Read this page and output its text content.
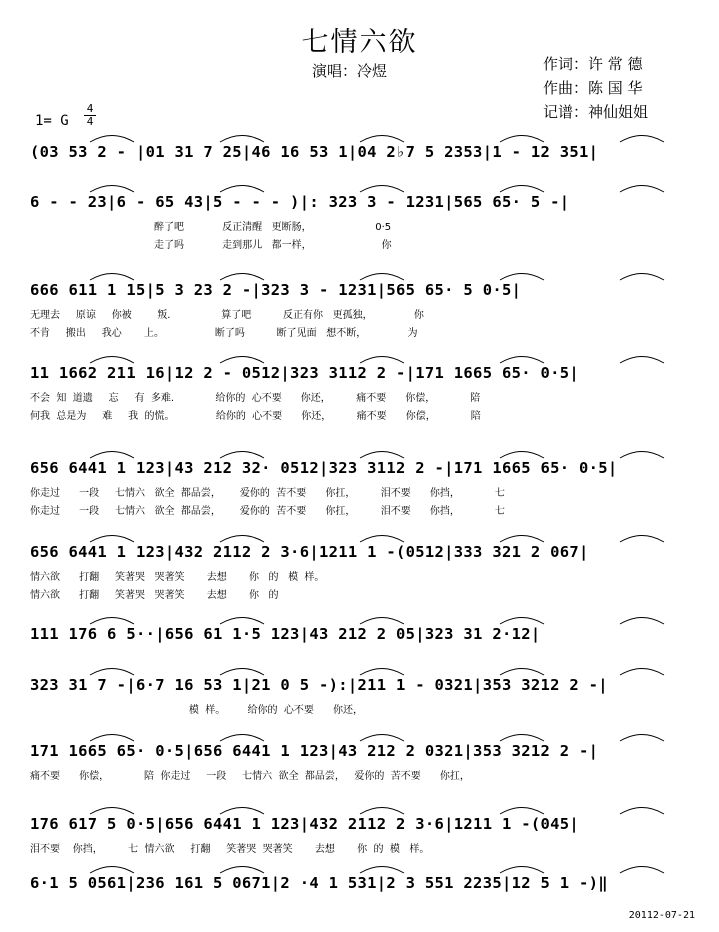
七情六欲
演唱：冷煜	作词：许 常 德
作曲：陈 国 华
记谱：神仙姐姐
1= G
4
4
(03 53 2 - |01 31 7 25|46 16 53 1|04 2♭7 5 2353|1 - 12 351|
6 - - 23|6 - 65 43|5 - - - )|: 323 3 - 1231|565 65· 5 -|
醉了吧            反正清醒   更断肠，                    0·5
走了吗            走到那儿   都一样，                      你
666 611 1 15|5 3 23 2 -|323 3 - 1231|565 65· 5 0·5|
无理去     原谅     你被        叛.                算了吧          反正有你   更孤独，             你
不肯     搬出     我心       上。                断了吗          断了见面   想不断，             为
11 1662 211 16|12 2 - 0512|323 3112 2 -|171 1665 65· 0·5|
不会  知  道遗     忘     有  多难.             给你的  心不要      你还，        痛不要      你偿，           陪
何我  总是为     难     我  的慌。             给你的  心不要      你还，        痛不要      你偿，           陪
656 6441 1 123|43 212 32· 0512|323 3112 2 -|171 1665 65· 0·5|
你走过      一段     七情六   欲全  都品尝，      爱你的  苦不要      你扛，        泪不要      你挡，           七
你走过      一段     七情六   欲全  都品尝，      爱你的  苦不要      你扛，        泪不要      你挡，           七
656 6441 1 123|432 2112 2 3·6|1211 1 -(0512|333 321 2 067|
情六欲      打翻     笑著哭   哭著笑       去想       你   的   模  样。
情六欲      打翻     笑著哭   哭著笑       去想       你   的
111 176 6 5··|656 61 1·5 123|43 212 2 05|323 31 2·12|
323 31 7 -|6·7 16 53 1|21 0 5 -):|211 1 - 0321|353 3212 2 -|
模  样。       给你的  心不要      你还，
171 1665 65· 0·5|656 6441 1 123|43 212 2 0321|353 3212 2 -|
痛不要      你偿，           陪  你走过     一段     七情六  欲全  都品尝，   爱你的  苦不要      你扛，
176 617 5 0·5|656 6441 1 123|432 2112 2 3·6|1211 1 -(045|
泪不要    你挡，        七  情六欲     打翻     笑著哭  哭著笑       去想       你  的  模   样。
6·1 5 0561|236 161 5 0671|2 ·4 1 531|2 3 551 2235|12 5 1 -)‖
20112-07-21
